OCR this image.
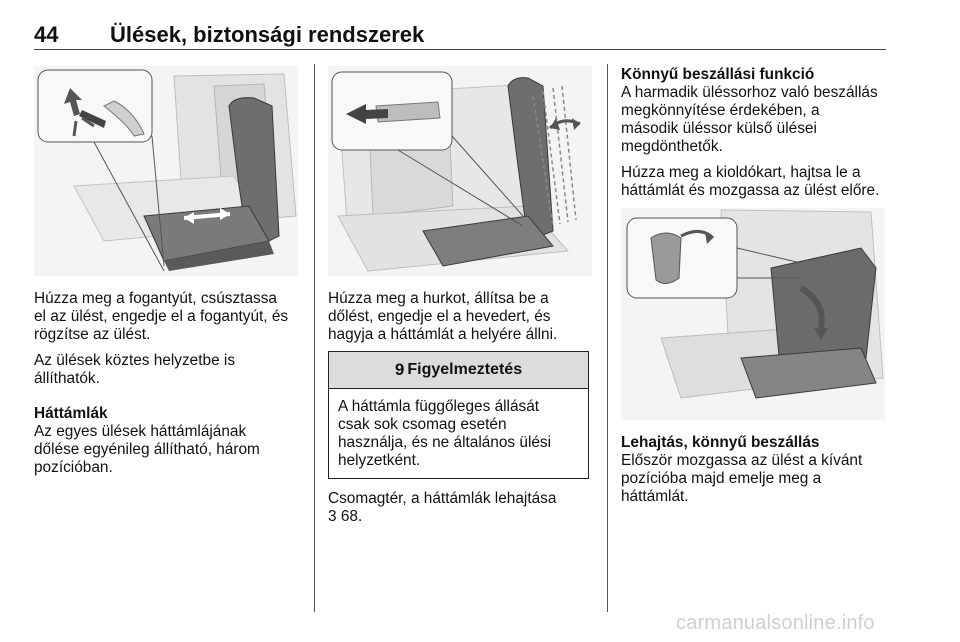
44 Ülések, biztonsági rendszerek

Húzza meg a fogantyút, csúsztassa

el az ülést, engedje el a fogantyút, és

rögzítse az ülést.

Az ülések köztes helyzetbe is

állíthatók.

Háttámlák

Az egyes ülések háttámlájának

dőlése egyénileg állítható, három

pozícióban.

Húzza meg a hurkot, állítsa be a

dőlést, engedje el a hevedert, és

hagyja a háttámlát a helyére állni.

9 Figyelmeztetés

A háttámla függőleges állását

csak sok csomag esetén

használja, és ne általános ülési

helyzetként.

Csomagtér, a háttámlák lehajtása

3 68.

Könnyű beszállási funkció

A harmadik üléssorhoz való beszállás

megkönnyítése érdekében, a

második üléssor külső ülései

megdönthetők.

Húzza meg a kioldókart, hajtsa le a

háttámlát és mozgassa az ülést előre.

Lehajtás, könnyű beszállás

Először mozgassa az ülést a kívánt

pozícióba majd emelje meg a

háttámlát.

carmanualsonline.info
